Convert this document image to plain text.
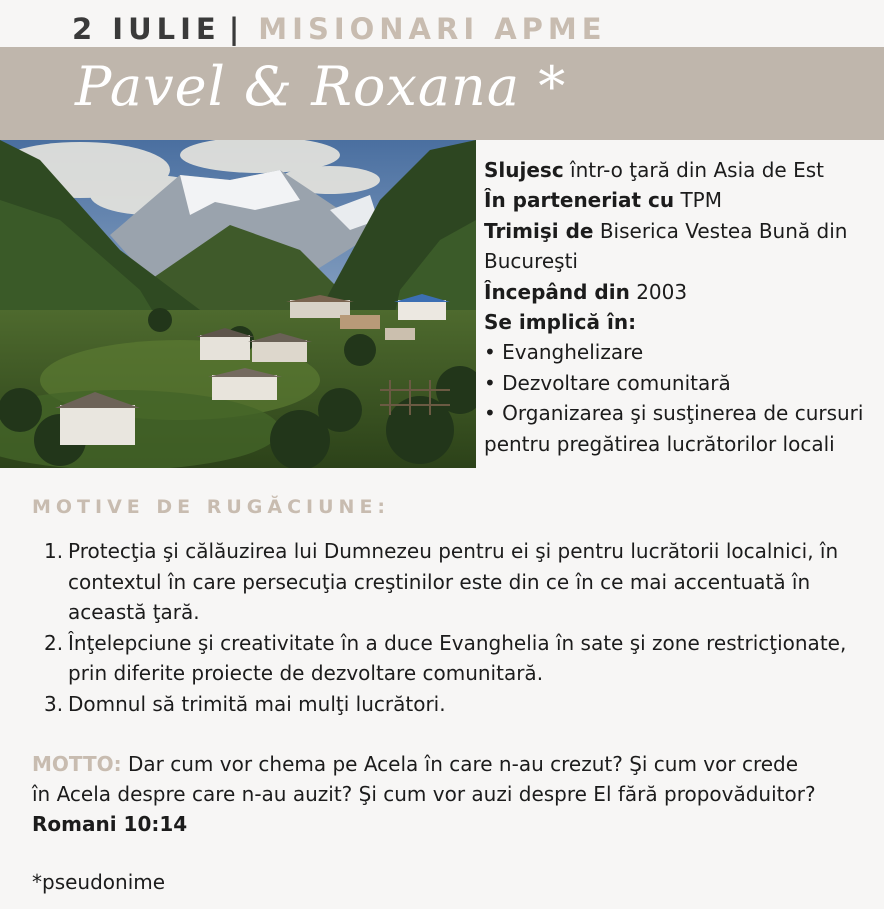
2 IULIE | MISIONARI APME
Pavel & Roxana *
Slujesc într-o ţară din Asia de Est
În parteneriat cu TPM
Trimişi de Biserica Vestea Bună din Bucureşti
Începând din 2003
Se implică în:
• Evanghelizare
• Dezvoltare comunitară
• Organizarea şi susţinerea de cursuri pentru pregătirea lucrătorilor locali
MOTIVE DE RUGĂCIUNE:
1. Protecţia şi călăuzirea lui Dumnezeu pentru ei şi pentru lucrătorii localnici, în contextul în care persecuţia creştinilor este din ce în ce mai accentuată în această ţară.
2. Înţelepciune şi creativitate în a duce Evanghelia în sate şi zone restricţionate, prin diferite proiecte de dezvoltare comunitară.
3. Domnul să trimită mai mulţi lucrători.
MOTTO: Dar cum vor chema pe Acela în care n-au crezut? Şi cum vor crede
în Acela despre care n-au auzit? Şi cum vor auzi despre El fără propovăduitor?
Romani 10:14
*pseudonime
